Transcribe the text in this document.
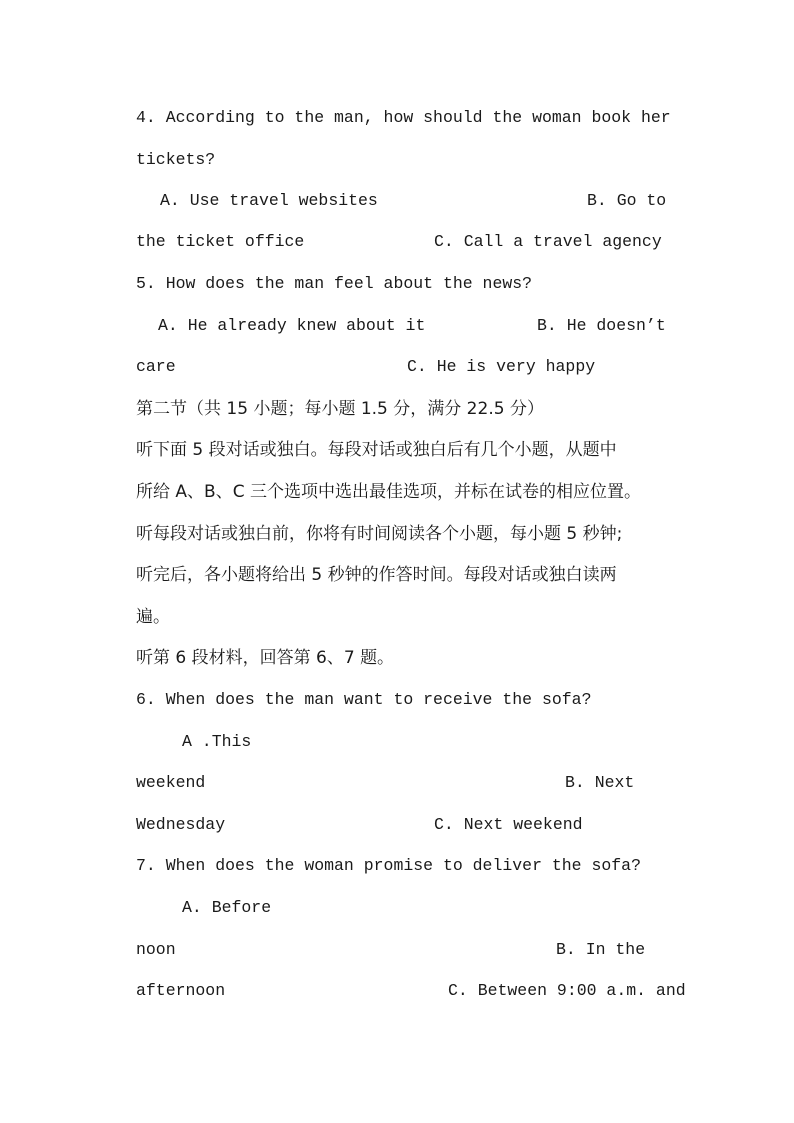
4. According to the man, how should the woman book her
tickets?
A. Use travel websites	B. Go to
the ticket office	C. Call a travel agency
5. How does the man feel about the news?
A. He already knew about it	B. He doesn’t
care	C. He is very happy
第二节（共 15 小题；每小题 1.5 分，满分 22.5 分）
听下面 5 段对话或独白。每段对话或独白后有几个小题，从题中
所给 A、B、C 三个选项中选出最佳选项，并标在试卷的相应位置。
听每段对话或独白前，你将有时间阅读各个小题，每小题 5 秒钟;
听完后，各小题将给出 5 秒钟的作答时间。每段对话或独白读两
遍。
听第 6 段材料，回答第 6、7 题。
6. When does the man want to receive the sofa?
A .This
weekend	B. Next
Wednesday	C. Next weekend
7. When does the woman promise to deliver the sofa?
A. Before
noon	B. In the
afternoon	C. Between 9:00 a.m. and
